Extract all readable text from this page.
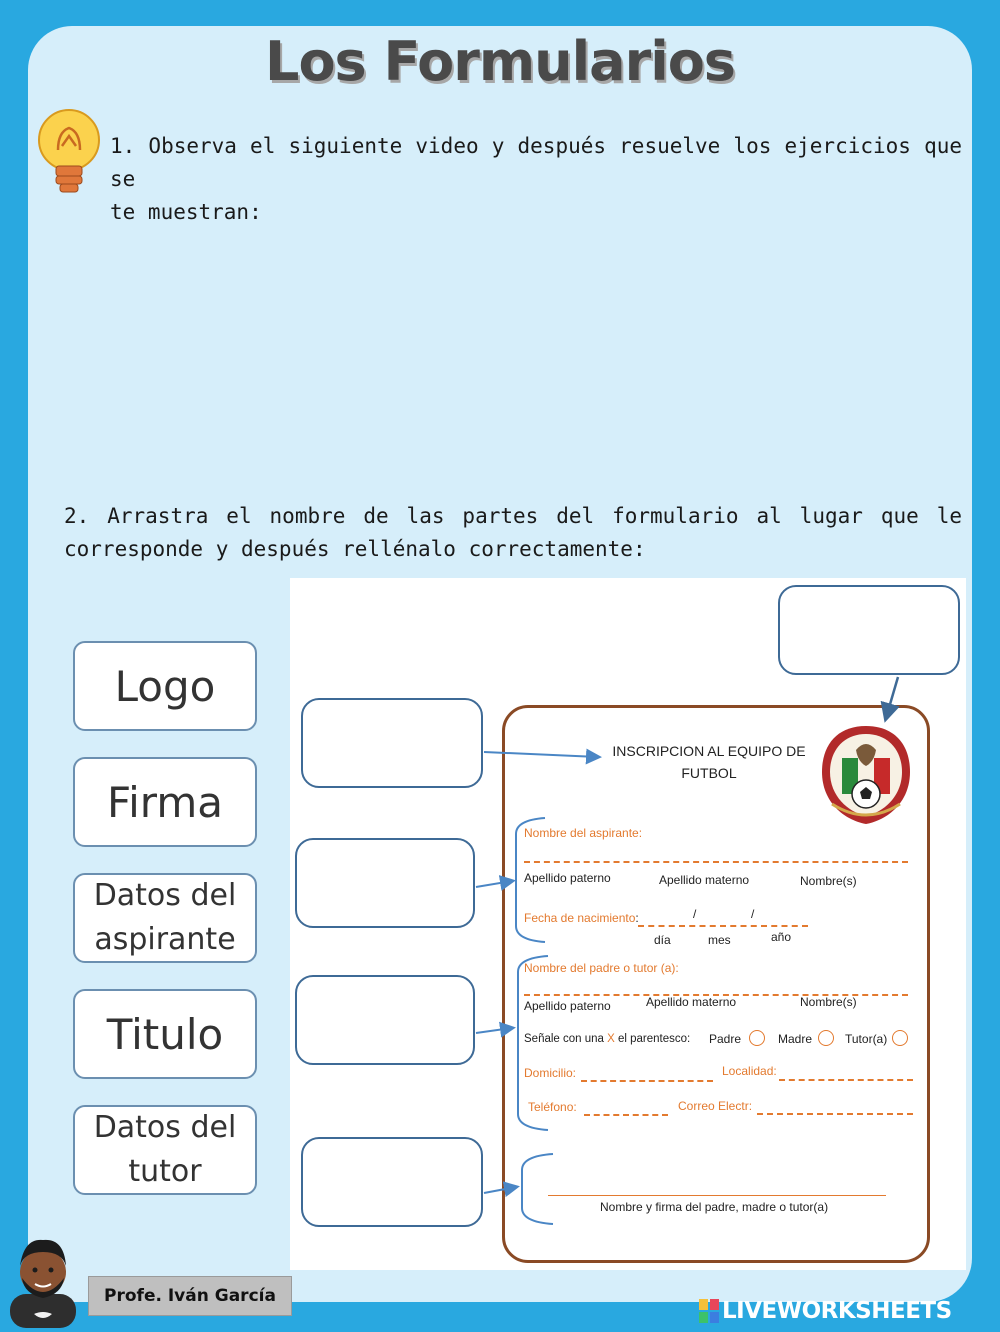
Los Formularios
1. Observa el siguiente video y después resuelve los ejercicios que se
te muestran:
2. Arrastra el nombre de las partes del formulario al lugar que le
corresponde y después rellénalo correctamente:
Logo
Firma
Datos del
aspirante
Titulo
Datos del
tutor
INSCRIPCION AL EQUIPO DE
FUTBOL
Nombre del aspirante:
Apellido paterno	Apellido materno	Nombre(s)
Fecha de nacimiento:	/	/
día	mes	año
Nombre del padre o tutor (a):
Apellido paterno	Apellido materno	Nombre(s)
Señale con una X el parentesco: Padre	Madre	Tutor(a)
Domicilio:	Localidad:
Teléfono:	Correo Electr:
Nombre y firma del padre, madre o tutor(a)
Profe. Iván García
LIVEWORKSHEETS
